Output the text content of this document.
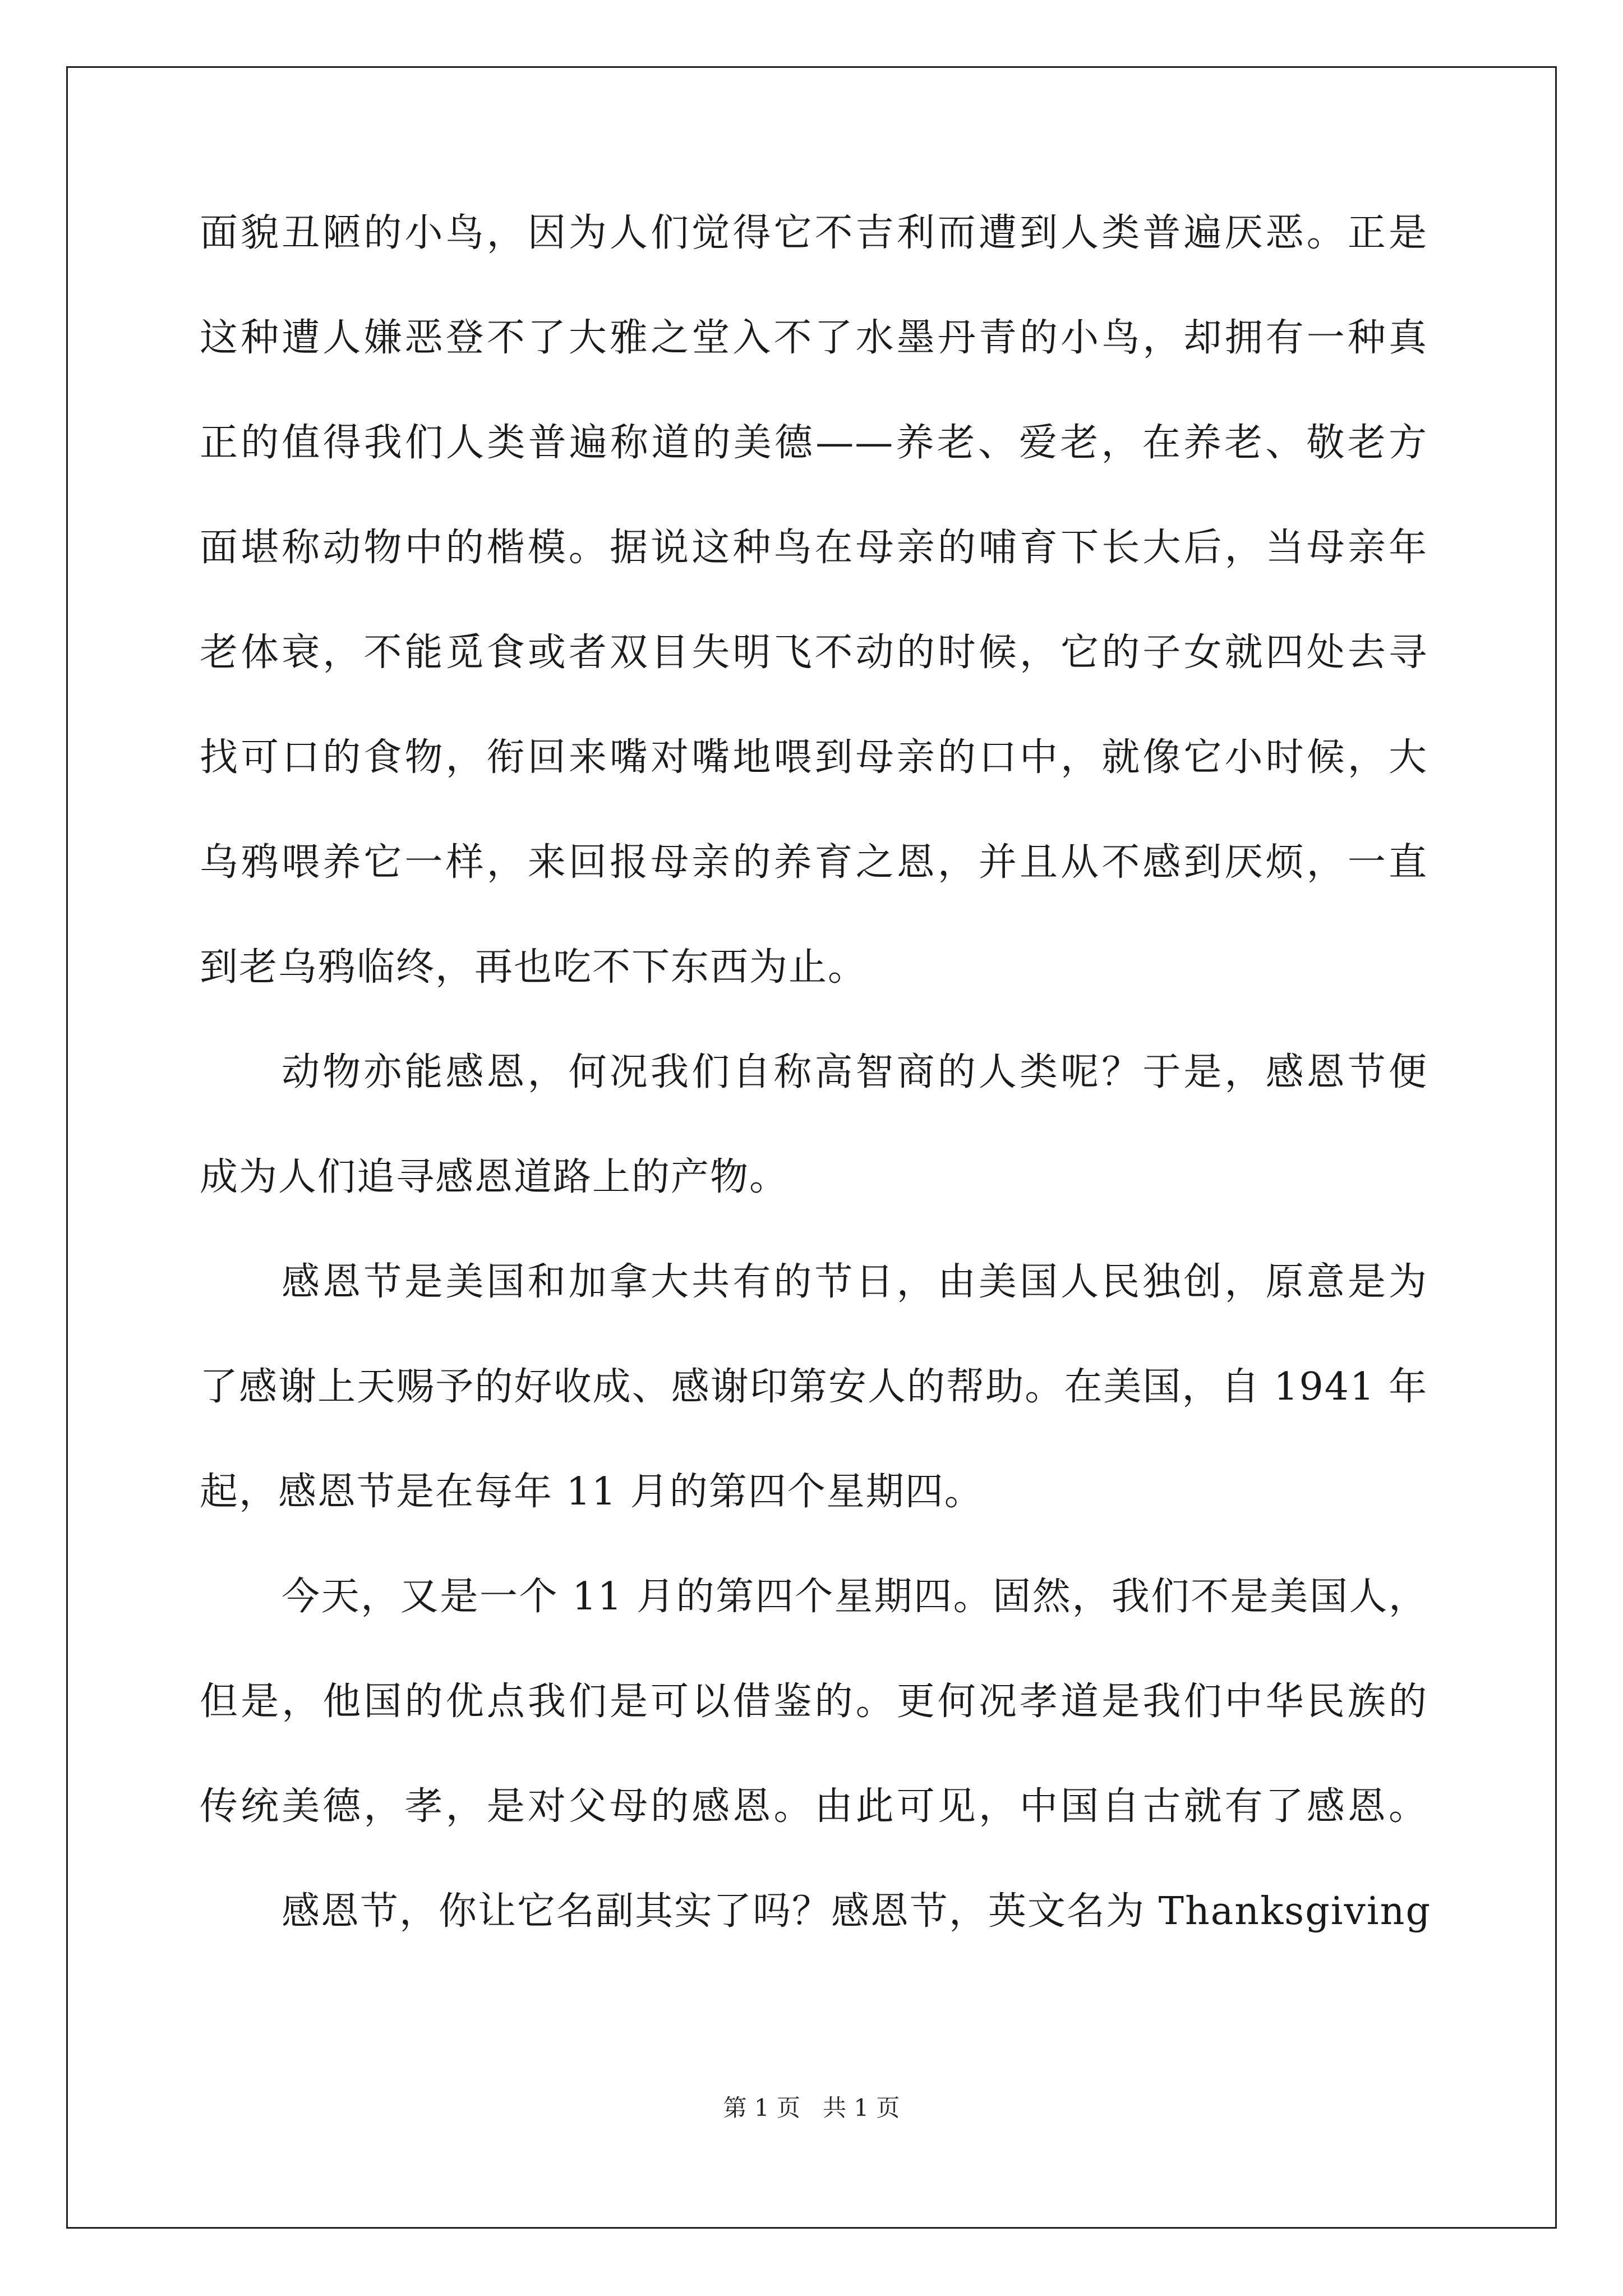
面貌丑陋的小鸟，因为人们觉得它不吉利而遭到人类普遍厌恶。正是
这种遭人嫌恶登不了大雅之堂入不了水墨丹青的小鸟，却拥有一种真
正的值得我们人类普遍称道的美德——养老、爱老，在养老、敬老方
面堪称动物中的楷模。据说这种鸟在母亲的哺育下长大后，当母亲年
老体衰，不能觅食或者双目失明飞不动的时候，它的子女就四处去寻
找可口的食物，衔回来嘴对嘴地喂到母亲的口中，就像它小时候，大
乌鸦喂养它一样，来回报母亲的养育之恩，并且从不感到厌烦，一直
到老乌鸦临终，再也吃不下东西为止。
动物亦能感恩，何况我们自称高智商的人类呢？于是，感恩节便
成为人们追寻感恩道路上的产物。
感恩节是美国和加拿大共有的节日，由美国人民独创，原意是为
了感谢上天赐予的好收成、感谢印第安人的帮助。在美国，自 1941 年
起，感恩节是在每年 11 月的第四个星期四。
今天，又是一个 11 月的第四个星期四。固然，我们不是美国人，
但是，他国的优点我们是可以借鉴的。更何况孝道是我们中华民族的
传统美德，孝，是对父母的感恩。由此可见，中国自古就有了感恩。
感恩节，你让它名副其实了吗？感恩节，英文名为 Thanksgiving
第 1 页 共 1 页
